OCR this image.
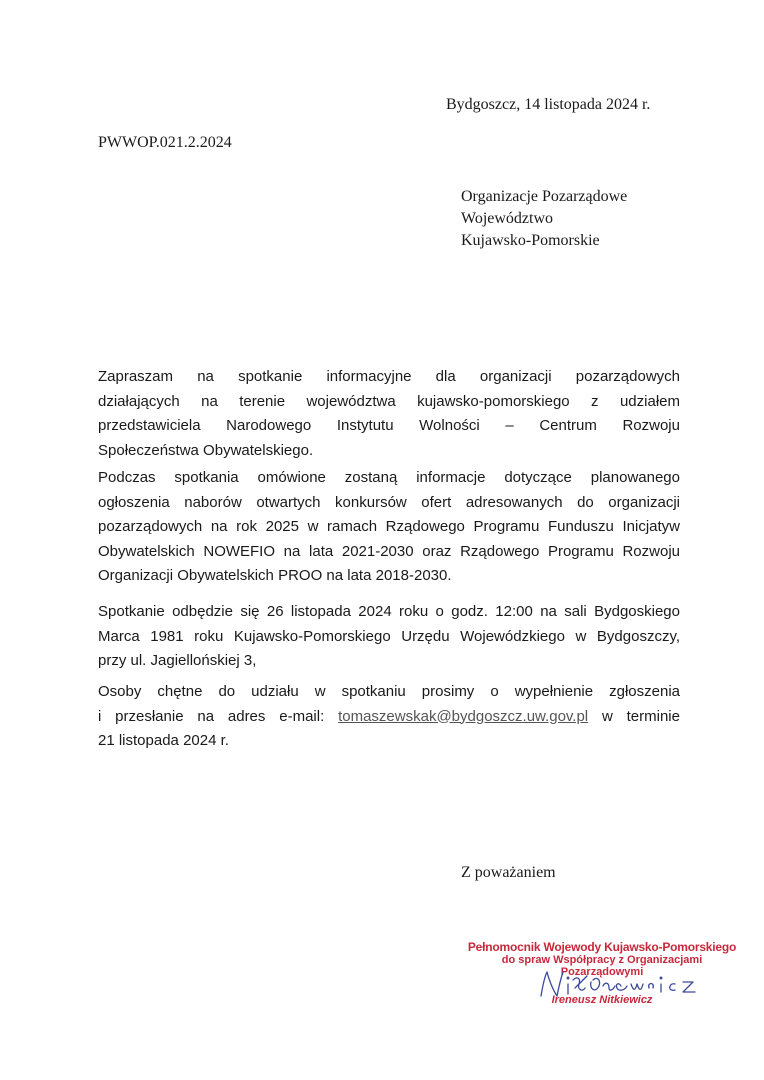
Bydgoszcz, 14 listopada 2024 r.
PWWOP.021.2.2024
Organizacje Pozarządowe
Województwo
Kujawsko-Pomorskie
Zapraszam na spotkanie informacyjne dla organizacji pozarządowych
działających na terenie województwa kujawsko-pomorskiego z udziałem
przedstawiciela Narodowego Instytutu Wolności – Centrum Rozwoju
Społeczeństwa Obywatelskiego.
Podczas spotkania omówione zostaną informacje dotyczące planowanego
ogłoszenia naborów otwartych konkursów ofert adresowanych do organizacji
pozarządowych na rok 2025 w ramach Rządowego Programu Funduszu Inicjatyw
Obywatelskich NOWEFIO na lata 2021-2030 oraz Rządowego Programu Rozwoju
Organizacji Obywatelskich PROO na lata 2018-2030.
Spotkanie odbędzie się 26 listopada 2024 roku o godz. 12:00 na sali Bydgoskiego
Marca 1981 roku Kujawsko-Pomorskiego Urzędu Wojewódzkiego w Bydgoszczy,
przy ul. Jagiellońskiej 3,
Osoby chętne do udziału w spotkaniu prosimy o wypełnienie zgłoszenia
i przesłanie na adres e-mail: tomaszewskak@bydgoszcz.uw.gov.pl w terminie
21 listopada 2024 r.
Z poważaniem
Pełnomocnik Wojewody Kujawsko-Pomorskiego
do spraw Współpracy z Organizacjami
Pozarządowymi
Ireneusz Nitkiewicz
